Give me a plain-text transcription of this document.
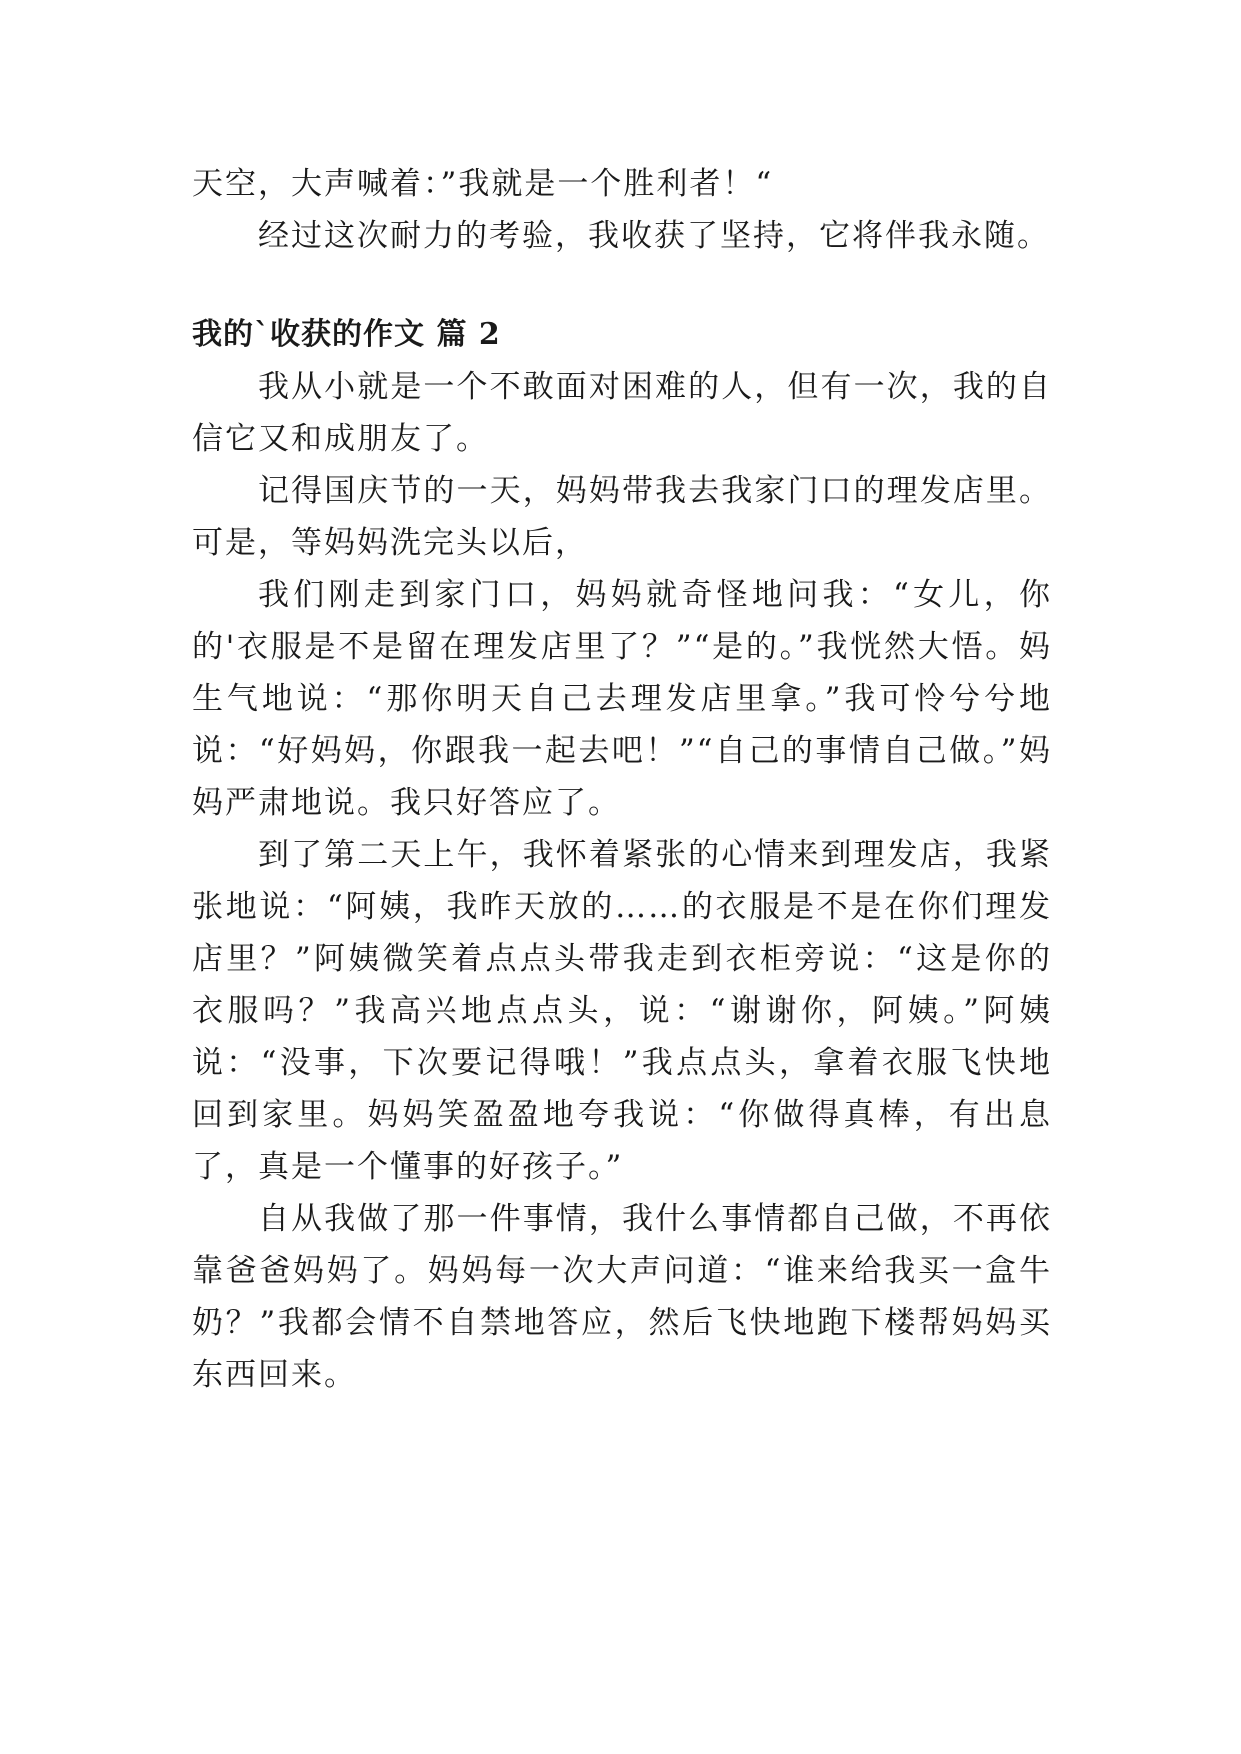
天空，大声喊着：”我就是一个胜利者！“

经过这次耐力的考验，我收获了坚持，它将伴我永随。

我的`收获的作文 篇 2

我从小就是一个不敢面对困难的人，但有一次，我的自信它又和成朋友了。

记得国庆节的一天，妈妈带我去我家门口的理发店里。可是，等妈妈洗完头以后，

我们刚走到家门口，妈妈就奇怪地问我：“女儿，你的'衣服是不是留在理发店里了？”“是的。”我恍然大悟。妈生气地说：“那你明天自己去理发店里拿。”我可怜兮兮地说：“好妈妈，你跟我一起去吧！”“自己的事情自己做。”妈妈严肃地说。我只好答应了。

到了第二天上午，我怀着紧张的心情来到理发店，我紧张地说：“阿姨，我昨天放的……的衣服是不是在你们理发店里？”阿姨微笑着点点头带我走到衣柜旁说：“这是你的衣服吗？”我高兴地点点头，说：“谢谢你，阿姨。”阿姨说：“没事，下次要记得哦！”我点点头，拿着衣服飞快地回到家里。妈妈笑盈盈地夸我说：“你做得真棒，有出息了，真是一个懂事的好孩子。”

自从我做了那一件事情，我什么事情都自己做，不再依靠爸爸妈妈了。妈妈每一次大声问道：“谁来给我买一盒牛奶？”我都会情不自禁地答应，然后飞快地跑下楼帮妈妈买东西回来。
